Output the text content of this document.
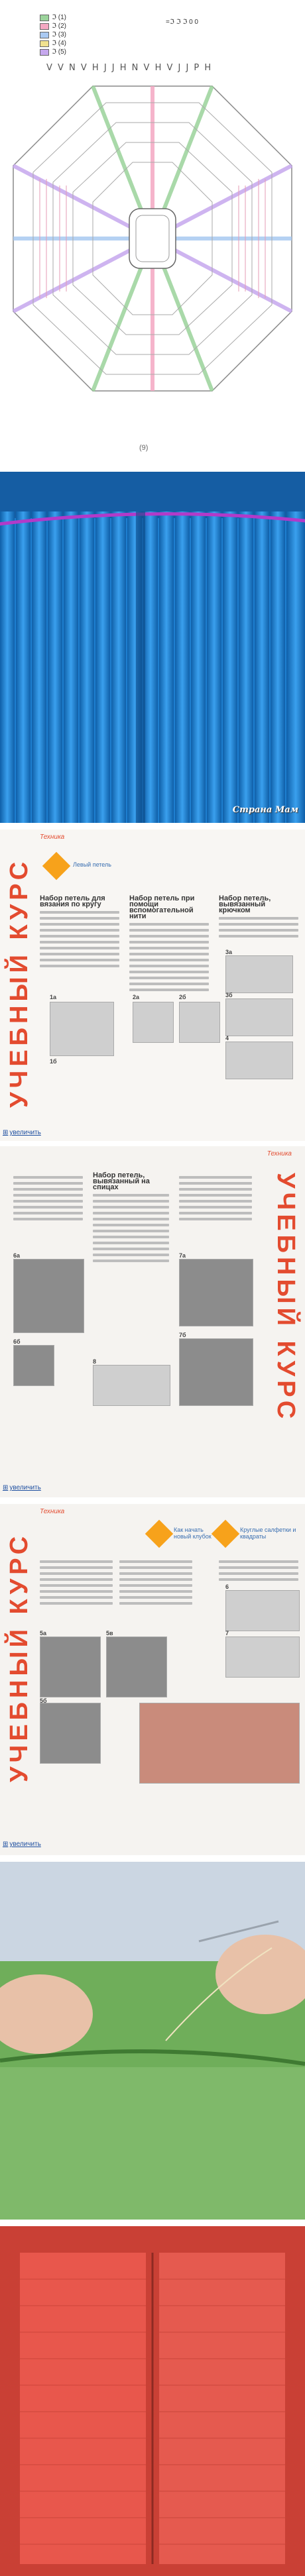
ℑ (1)
ℑ (2)
ℑ (3)
ℑ (4)
ℑ (5)
=ℑ ℑ ℑ 0 0
V V N V H J J H N V H V J J P H
(9)
Страна Мам
Техника
УЧЕБНЫЙ КУРС	Левый петель

Набор петель для вязания по кругу

Набор петель при помощи вспомогательной нити

Набор петель, вывязанный крючком

1a
1б
2a	2б
3a
3б
4
⊞ увеличить
Техника
УЧЕБНЫЙ КУРС

Набор петель, вывязанный на спицах

6a
6б
7a
7б
8
⊞ увеличить
Техника
УЧЕБНЫЙ КУРС
Как начать новый клубок
Круглые салфетки и квадраты
5a
5б
5в
6
7
⊞ увеличить
